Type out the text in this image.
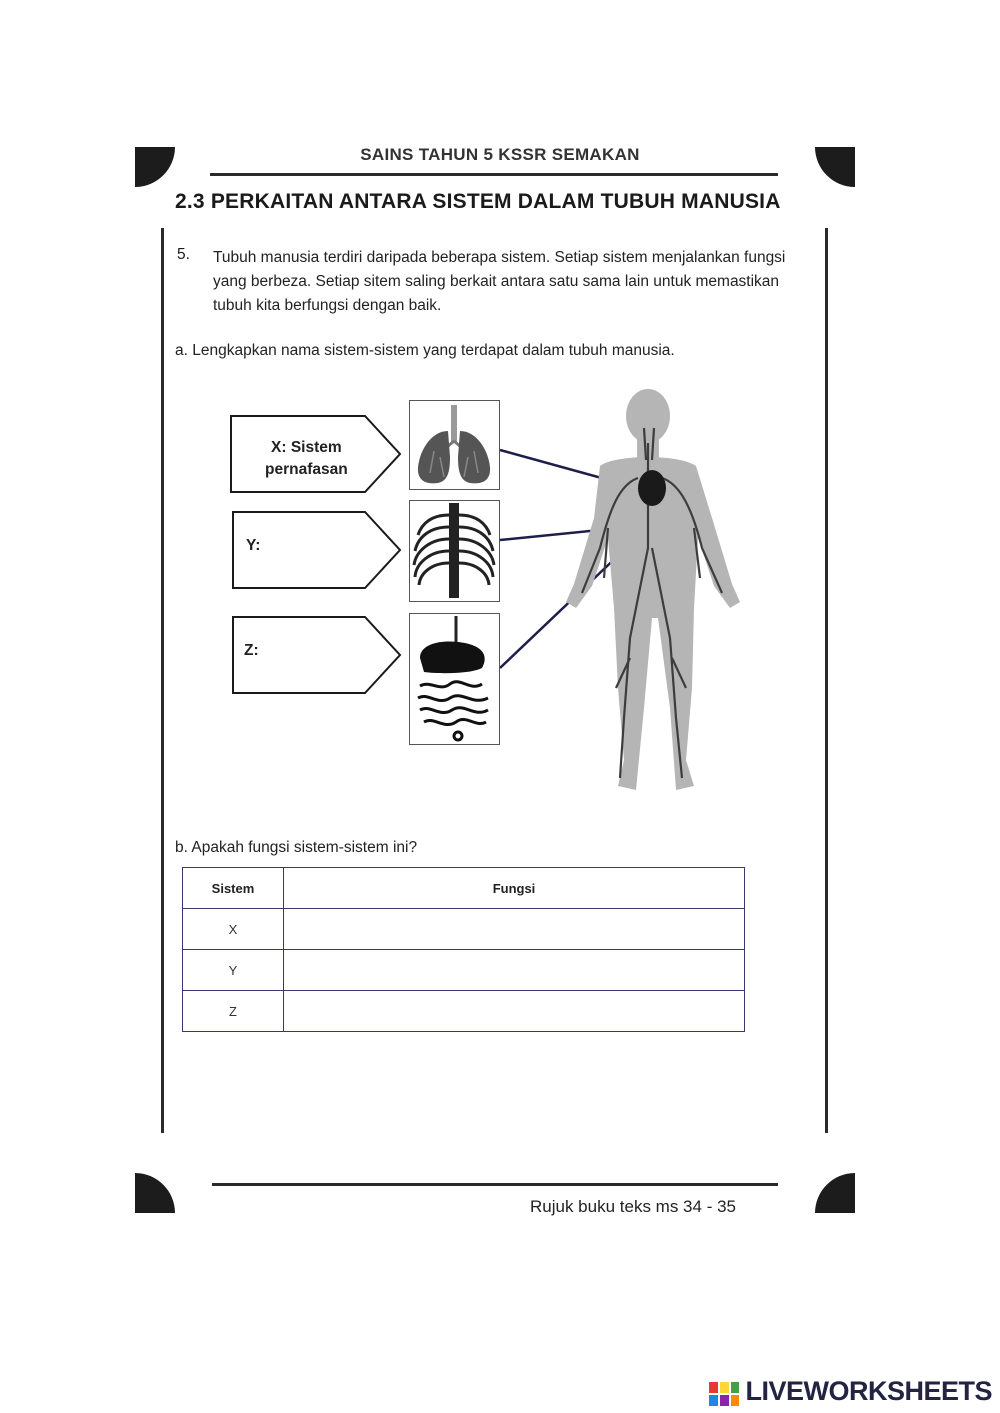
SAINS TAHUN 5 KSSR SEMAKAN
2.3 PERKAITAN ANTARA SISTEM DALAM TUBUH MANUSIA
5. Tubuh manusia terdiri daripada beberapa sistem. Setiap sistem menjalankan fungsi yang berbeza. Setiap sitem saling berkait antara satu sama lain untuk memastikan tubuh kita berfungsi dengan baik.
a. Lengkapkan nama sistem-sistem yang terdapat dalam tubuh manusia.
X: Sistem
pernafasan
Y:
Z:
b. Apakah fungsi sistem-sistem ini?
Sistem	Fungsi
X	
Y	
Z	
Rujuk buku teks ms 34 - 35
LIVEWORKSHEETS
